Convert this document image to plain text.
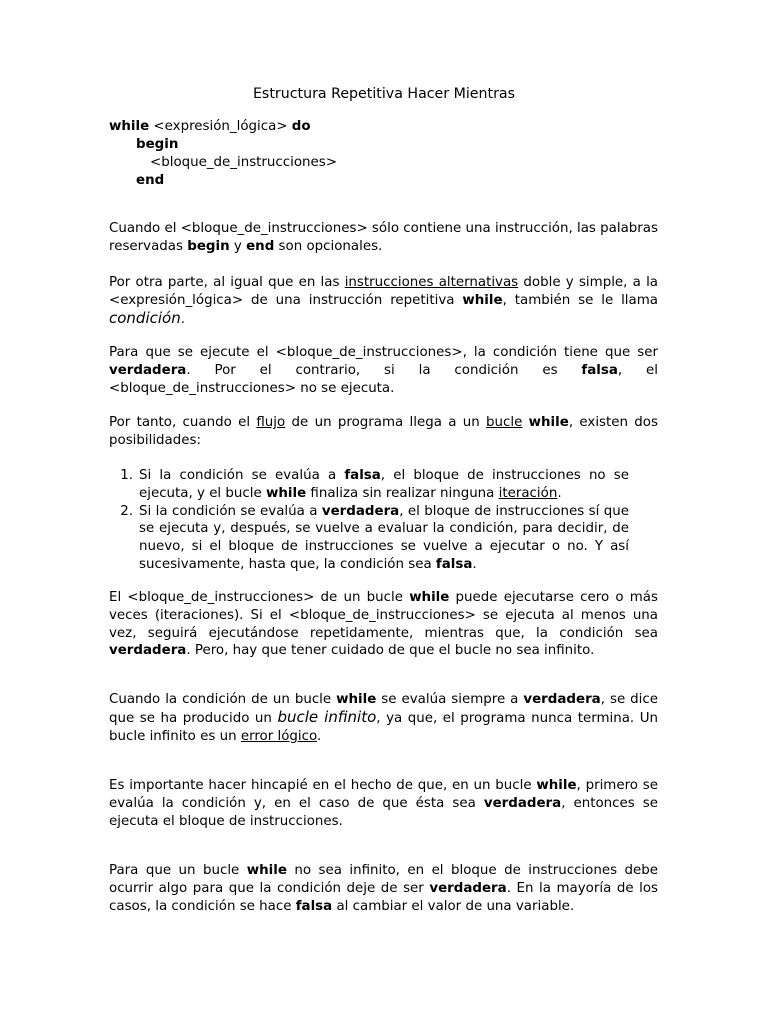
Estructura Repetitiva Hacer Mientras
while <expresión_lógica> do
begin
<bloque_de_instrucciones>
end

Cuando el <bloque_de_instrucciones> sólo contiene una instrucción, las palabras reservadas begin y end son opcionales.

Por otra parte, al igual que en las instrucciones alternativas doble y simple, a la <expresión_lógica> de una instrucción repetitiva while, también se le llama condición.

Para que se ejecute el <bloque_de_instrucciones>, la condición tiene que ser verdadera. Por el contrario, si la condición es falsa, el <bloque_de_instrucciones> no se ejecuta.

Por tanto, cuando el flujo de un programa llega a un bucle while, existen dos posibilidades:

1. Si la condición se evalúa a falsa, el bloque de instrucciones no se ejecuta, y el bucle while finaliza sin realizar ninguna iteración.
2. Si la condición se evalúa a verdadera, el bloque de instrucciones sí que se ejecuta y, después, se vuelve a evaluar la condición, para decidir, de nuevo, si el bloque de instrucciones se vuelve a ejecutar o no. Y así sucesivamente, hasta que, la condición sea falsa.

El <bloque_de_instrucciones> de un bucle while puede ejecutarse cero o más veces (iteraciones). Si el <bloque_de_instrucciones> se ejecuta al menos una vez, seguirá ejecutándose repetidamente, mientras que, la condición sea verdadera. Pero, hay que tener cuidado de que el bucle no sea infinito.

Cuando la condición de un bucle while se evalúa siempre a verdadera, se dice que se ha producido un bucle infinito, ya que, el programa nunca termina. Un bucle infinito es un error lógico.

Es importante hacer hincapié en el hecho de que, en un bucle while, primero se evalúa la condición y, en el caso de que ésta sea verdadera, entonces se ejecuta el bloque de instrucciones.

Para que un bucle while no sea infinito, en el bloque de instrucciones debe ocurrir algo para que la condición deje de ser verdadera. En la mayoría de los casos, la condición se hace falsa al cambiar el valor de una variable.
